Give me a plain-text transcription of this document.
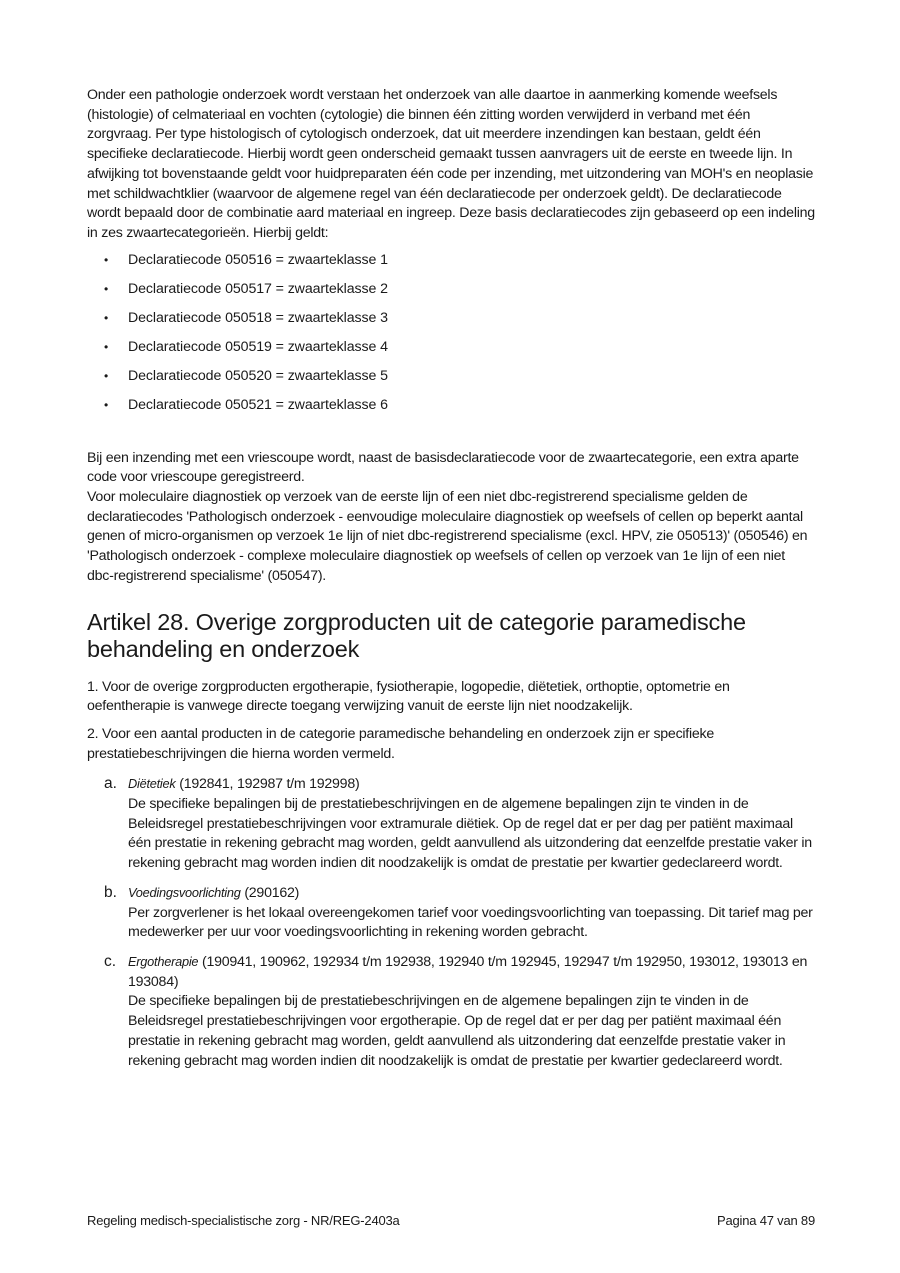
Onder een pathologie onderzoek wordt verstaan het onderzoek van alle daartoe in aanmerking komende weefsels (histologie) of celmateriaal en vochten (cytologie) die binnen één zitting worden verwijderd in verband met één zorgvraag. Per type histologisch of cytologisch onderzoek, dat uit meerdere inzendingen kan bestaan, geldt één specifieke declaratiecode. Hierbij wordt geen onderscheid gemaakt tussen aanvragers uit de eerste en tweede lijn. In afwijking tot bovenstaande geldt voor huidpreparaten één code per inzending, met uitzondering van MOH's en neoplasie met schildwachtklier (waarvoor de algemene regel van één declaratiecode per onderzoek geldt). De declaratiecode wordt bepaald door de combinatie aard materiaal en ingreep. Deze basis declaratiecodes zijn gebaseerd op een indeling in zes zwaartecategorieën. Hierbij geldt:

• Declaratiecode 050516 = zwaarteklasse 1
• Declaratiecode 050517 = zwaarteklasse 2
• Declaratiecode 050518 = zwaarteklasse 3
• Declaratiecode 050519 = zwaarteklasse 4
• Declaratiecode 050520 = zwaarteklasse 5
• Declaratiecode 050521 = zwaarteklasse 6

Bij een inzending met een vriescoupe wordt, naast de basisdeclaratiecode voor de zwaartecategorie, een extra aparte code voor vriescoupe geregistreerd.

Voor moleculaire diagnostiek op verzoek van de eerste lijn of een niet dbc-registrerend specialisme gelden de declaratiecodes 'Pathologisch onderzoek - eenvoudige moleculaire diagnostiek op weefsels of cellen op beperkt aantal genen of micro-organismen op verzoek 1e lijn of niet dbc-registrerend specialisme (excl. HPV, zie 050513)' (050546) en 'Pathologisch onderzoek - complexe moleculaire diagnostiek op weefsels of cellen op verzoek van 1e lijn of een niet dbc-registrerend specialisme' (050547).

Artikel 28. Overige zorgproducten uit de categorie paramedische behandeling en onderzoek

1. Voor de overige zorgproducten ergotherapie, fysiotherapie, logopedie, diëtetiek, orthoptie, optometrie en oefentherapie is vanwege directe toegang verwijzing vanuit de eerste lijn niet noodzakelijk.

2. Voor een aantal producten in de categorie paramedische behandeling en onderzoek zijn er specifieke prestatiebeschrijvingen die hierna worden vermeld.

a. Diëtetiek (192841, 192987 t/m 192998)

De specifieke bepalingen bij de prestatiebeschrijvingen en de algemene bepalingen zijn te vinden in de Beleidsregel prestatiebeschrijvingen voor extramurale diëtiek. Op de regel dat er per dag per patiënt maximaal één prestatie in rekening gebracht mag worden, geldt aanvullend als uitzondering dat eenzelfde prestatie vaker in rekening gebracht mag worden indien dit noodzakelijk is omdat de prestatie per kwartier gedeclareerd wordt.

b. Voedingsvoorlichting (290162)

Per zorgverlener is het lokaal overeengekomen tarief voor voedingsvoorlichting van toepassing. Dit tarief mag per medewerker per uur voor voedingsvoorlichting in rekening worden gebracht.

c. Ergotherapie (190941, 190962, 192934 t/m 192938, 192940 t/m 192945, 192947 t/m 192950, 193012, 193013 en 193084)

De specifieke bepalingen bij de prestatiebeschrijvingen en de algemene bepalingen zijn te vinden in de Beleidsregel prestatiebeschrijvingen voor ergotherapie. Op de regel dat er per dag per patiënt maximaal één prestatie in rekening gebracht mag worden, geldt aanvullend als uitzondering dat eenzelfde prestatie vaker in rekening gebracht mag worden indien dit noodzakelijk is omdat de prestatie per kwartier gedeclareerd wordt.

Regeling medisch-specialistische zorg - NR/REG-2403a	Pagina 47 van 89
